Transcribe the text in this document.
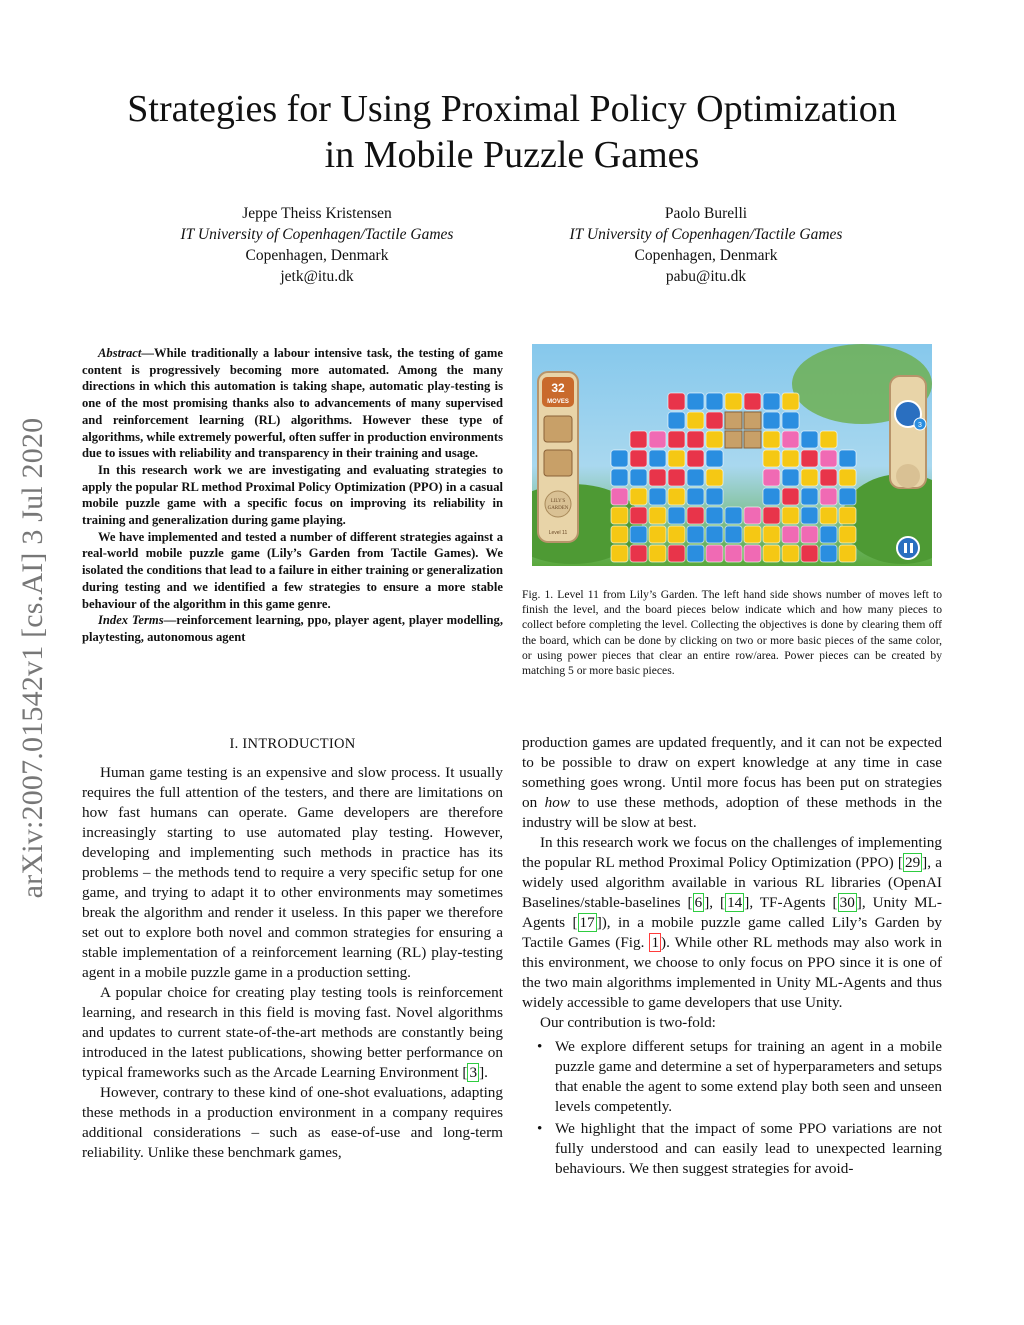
Strategies for Using Proximal Policy Optimization
in Mobile Puzzle Games
Jeppe Theiss Kristensen
IT University of Copenhagen/Tactile Games
Copenhagen, Denmark
jetk@itu.dk
Paolo Burelli
IT University of Copenhagen/Tactile Games
Copenhagen, Denmark
pabu@itu.dk
arXiv:2007.01542v1 [cs.AI] 3 Jul 2020

Abstract—While traditionally a labour intensive task, the testing of game content is progressively becoming more automated. Among the many directions in which this automation is taking shape, automatic play-testing is one of the most promising thanks also to advancements of many supervised and reinforcement learning (RL) algorithms. However these type of algorithms, while extremely powerful, often suffer in production environments due to issues with reliability and transparency in their training and usage.

In this research work we are investigating and evaluating strategies to apply the popular RL method Proximal Policy Optimization (PPO) in a casual mobile puzzle game with a specific focus on improving its reliability in training and generalization during game playing.

We have implemented and tested a number of different strategies against a real-world mobile puzzle game (Lily’s Garden from Tactile Games). We isolated the conditions that lead to a failure in either training or generalization during testing and we identified a few strategies to ensure a more stable behaviour of the algorithm in this game genre.

Index Terms—reinforcement learning, ppo, player agent, player modelling, playtesting, autonomous agent

32
MOVES
LILY'S
GARDEN
Level 11
3
Fig. 1. Level 11 from Lily’s Garden. The left hand side shows number of moves left to finish the level, and the board pieces below indicate which and how many pieces to collect before completing the level. Collecting the objectives is done by clearing them off the board, which can be done by clicking on two or more basic pieces of the same color, or using power pieces that clear an entire row/area. Power pieces can be created by matching 5 or more basic pieces.
I. INTRODUCTION

Human game testing is an expensive and slow process. It usually requires the full attention of the testers, and there are limitations on how fast humans can operate. Game developers are therefore increasingly starting to use automated play testing. However, developing and implementing such methods in practice has its problems – the methods tend to require a very specific setup for one game, and trying to adapt it to other environments may sometimes break the algorithm and render it useless. In this paper we therefore set out to explore both novel and common strategies for ensuring a stable implementation of a reinforcement learning (RL) play-testing agent in a mobile puzzle game in a production setting.

A popular choice for creating play testing tools is reinforcement learning, and research in this field is moving fast. Novel algorithms and updates to current state-of-the-art methods are constantly being introduced in the latest publications, showing better performance on typical frameworks such as the Arcade Learning Environment [ 3 ].

However, contrary to these kind of one-shot evaluations, adapting these methods in a production environment in a company requires additional considerations – such as ease-of-use and long-term reliability. Unlike these benchmark games,

production games are updated frequently, and it can not be expected to be possible to draw on expert knowledge at any time in case something goes wrong. Until more focus has been put on strategies on how to use these methods, adoption of these methods in the industry will be slow at best.

In this research work we focus on the challenges of implementing the popular RL method Proximal Policy Optimization (PPO) [ 29 ], a widely used algorithm available in various RL libraries (OpenAI Baselines/stable-baselines [ 6 ], [ 14 ], TF-Agents [ 30 ], Unity ML-Agents [ 17 ]), in a mobile puzzle game called Lily’s Garden by Tactile Games (Fig. 1 ). While other RL methods may also work in this environment, we choose to only focus on PPO since it is one of the two main algorithms implemented in Unity ML-Agents and thus widely accessible to game developers that use Unity.

Our contribution is two-fold:

• We explore different setups for training an agent in a mobile puzzle game and determine a set of hyperparameters and setups that enable the agent to some extend play both seen and unseen levels competently.
• We highlight that the impact of some PPO variations are not fully understood and can easily lead to unexpected learning behaviours. We then suggest strategies for avoid-
